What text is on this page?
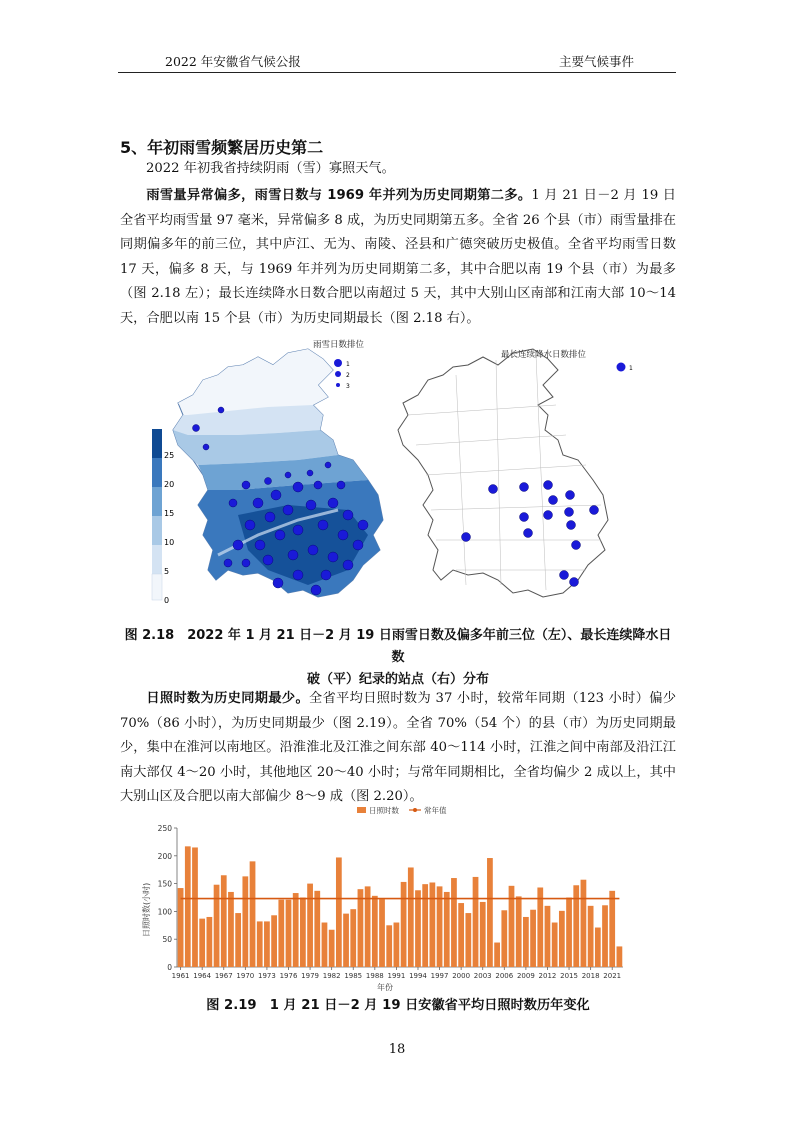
2022 年安徽省气候公报	主要气候事件
5、年初雨雪频繁居历史第二
2022 年初我省持续阴雨（雪）寡照天气。
雨雪量异常偏多，雨雪日数与 1969 年并列为历史同期第二多。1 月 21 日－2 月 19 日全省平均雨雪量 97 毫米，异常偏多 8 成，为历史同期第五多。全省 26 个县（市）雨雪量排在同期偏多年的前三位，其中庐江、无为、南陵、泾县和广德突破历史极值。全省平均雨雪日数 17 天，偏多 8 天，与 1969 年并列为历史同期第二多，其中合肥以南 19 个县（市）为最多（图 2.18 左）；最长连续降水日数合肥以南超过 5 天，其中大别山区南部和江南大部 10～14 天，合肥以南 15 个县（市）为历史同期最长（图 2.18 右）。
雨雪日数排位
1
2
3
25
20
15
10
5
0
最长连续降水日数排位
1
图 2.18　2022 年 1 月 21 日－2 月 19 日雨雪日数及偏多年前三位（左）、最长连续降水日数
破（平）纪录的站点（右）分布
日照时数为历史同期最少。全省平均日照时数为 37 小时，较常年同期（123 小时）偏少 70%（86 小时），为历史同期最少（图 2.19）。全省 70%（54 个）的县（市）为历史同期最少，集中在淮河以南地区。沿淮淮北及江淮之间东部 40～114 小时，江淮之间中南部及沿江江南大部仅 4～20 小时，其他地区 20～40 小时；与常年同期相比，全省均偏少 2 成以上，其中大别山区及合肥以南大部偏少 8～9 成（图 2.20）。
日照时数	常年值
日照时数(小时)
年份
0
50
100
150
200
250
1961 1964 1967 1970 1973 1976 1979 1982 1985 1988 1991 1994 1997 2000 2003 2006 2009 2012 2015 2018 2021
图 2.19　1 月 21 日－2 月 19 日安徽省平均日照时数历年变化
18
